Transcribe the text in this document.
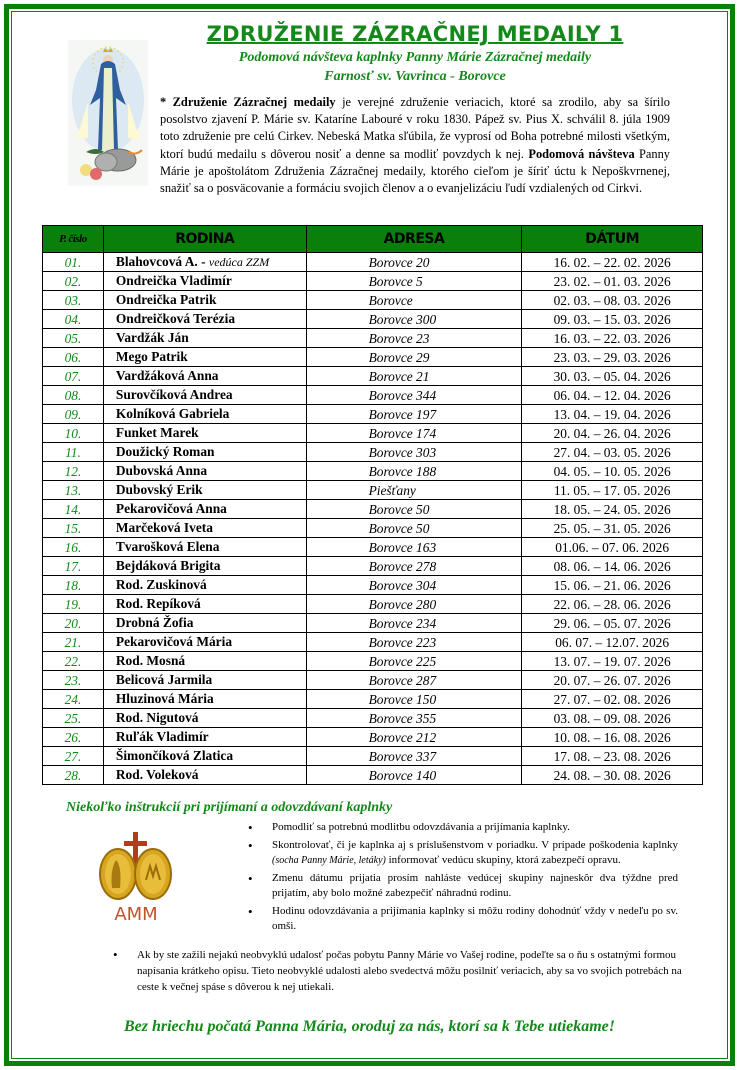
ZDRUŽENIE ZÁZRAČNEJ MEDAILY 1
Podomová návšteva kaplnky Panny Márie Zázračnej medaily
Farnosť sv. Vavrinca - Borovce
* Združenie Zázračnej medaily je verejné združenie veriacich, ktoré sa zrodilo, aby sa šírilo posolstvo zjavení P. Márie sv. Kataríne Labouré v roku 1830. Pápež sv. Pius X. schválil 8. júla 1909 toto združenie pre celú Cirkev. Nebeská Matka sľúbila, že vyprosí od Boha potrebné milosti všetkým, ktorí budú medailu s dôverou nosiť a denne sa modliť povzdych k nej. Podomová návšteva Panny Márie je apoštolátom Združenia Zázračnej medaily, ktorého cieľom je šíriť úctu k Nepoškvrnenej, snažiť sa o posväcovanie a formáciu svojich členov a o evanjelizáciu ľudí vzdialených od Cirkvi.
P. číslo	RODINA	ADRESA	DÁTUM
01.	Blahovcová A. - vedúca ZZM	Borovce 20	16. 02. – 22. 02. 2026
02.	Ondreička Vladimír	Borovce 5	23. 02. – 01. 03. 2026
03.	Ondreička Patrik	Borovce	02. 03. – 08. 03. 2026
04.	Ondreičková Terézia	Borovce 300	09. 03. – 15. 03. 2026
05.	Vardžák Ján	Borovce 23	16. 03. – 22. 03. 2026
06.	Mego Patrik	Borovce 29	23. 03. – 29. 03. 2026
07.	Vardžáková Anna	Borovce 21	30. 03. – 05. 04. 2026
08.	Surovčíková Andrea	Borovce 344	06. 04. – 12. 04. 2026
09.	Kolníková Gabriela	Borovce 197	13. 04. – 19. 04. 2026
10.	Funket Marek	Borovce 174	20. 04. – 26. 04. 2026
11.	Doužický Roman	Borovce 303	27. 04. – 03. 05. 2026
12.	Dubovská Anna	Borovce 188	04. 05. – 10. 05. 2026
13.	Dubovský Erik	Piešťany	11. 05. – 17. 05. 2026
14.	Pekarovičová Anna	Borovce 50	18. 05. – 24. 05. 2026
15.	Marčeková Iveta	Borovce 50	25. 05. – 31. 05. 2026
16.	Tvarošková Elena	Borovce 163	01.06. – 07. 06. 2026
17.	Bejdáková Brigita	Borovce 278	08. 06. – 14. 06. 2026
18.	Rod. Zuskinová	Borovce 304	15. 06. – 21. 06. 2026
19.	Rod. Repíková	Borovce 280	22. 06. – 28. 06. 2026
20.	Drobná Žofia	Borovce 234	29. 06. – 05. 07. 2026
21.	Pekarovičová Mária	Borovce 223	06. 07. – 12.07. 2026
22.	Rod. Mosná	Borovce 225	13. 07. – 19. 07. 2026
23.	Belicová Jarmila	Borovce 287	20. 07. – 26. 07. 2026
24.	Hluzinová Mária	Borovce 150	27. 07. – 02. 08. 2026
25.	Rod. Nigutová	Borovce 355	03. 08. – 09. 08. 2026
26.	Ruľák Vladimír	Borovce 212	10. 08. – 16. 08. 2026
27.	Šimončíková Zlatica	Borovce 337	17. 08. – 23. 08. 2026
28.	Rod. Voleková	Borovce 140	24. 08. – 30. 08. 2026
Niekoľko inštrukcií pri prijímaní a odovzdávaní kaplnky
AMM
• Pomodliť sa potrebnú modlitbu odovzdávania a prijímania kaplnky.
• Skontrolovať, či je kaplnka aj s príslušenstvom v poriadku. V prípade poškodenia kaplnky (socha Panny Márie, letáky) informovať vedúcu skupiny, ktorá zabezpečí opravu.
• Zmenu dátumu prijatia prosím nahláste vedúcej skupiny najneskôr dva týždne pred prijatím, aby bolo možné zabezpečiť náhradnú rodinu.
• Hodinu odovzdávania a prijímania kaplnky si môžu rodiny dohodnúť vždy v nedeľu po sv. omši.
• Ak by ste zažili nejakú neobvyklú udalosť počas pobytu Panny Márie vo Vašej rodine, podeľte sa o ňu s ostatnými formou napísania krátkeho opisu. Tieto neobvyklé udalosti alebo svedectvá môžu posilniť veriacich, aby sa vo svojich potrebách na ceste k večnej spáse s dôverou k nej utiekali.
Bez hriechu počatá Panna Mária, oroduj za nás, ktorí sa k Tebe utiekame!
